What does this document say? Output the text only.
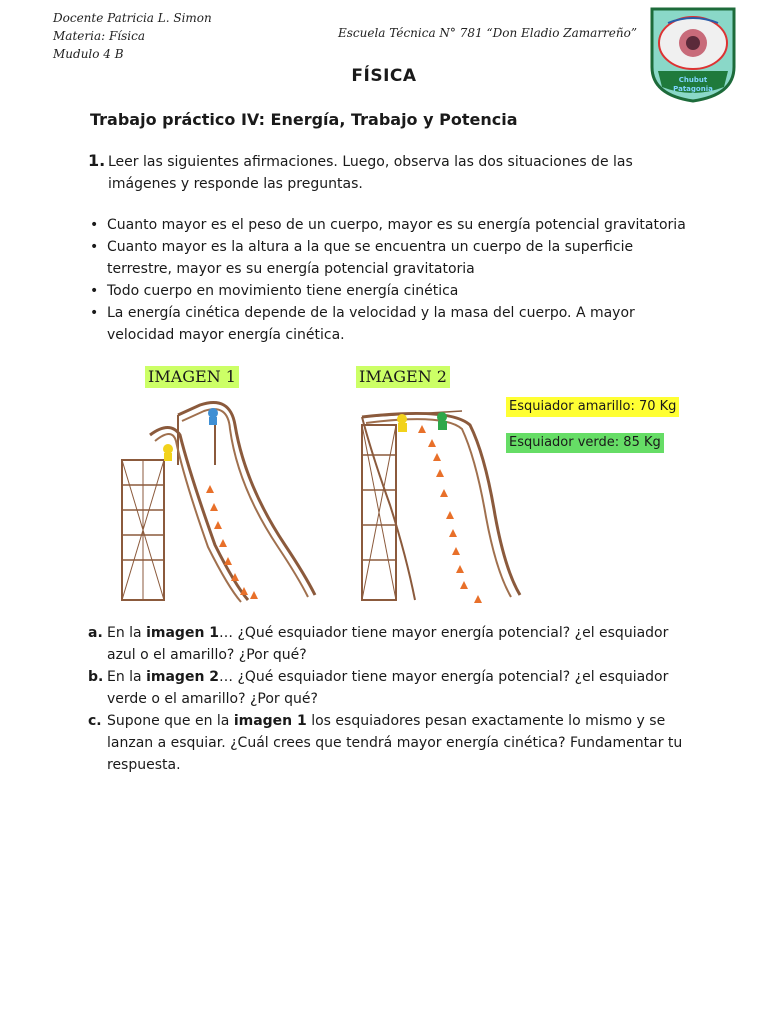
Docente Patricia L. Simon
Materia: Física
Mudulo 4 B
Escuela Técnica N° 781 “Don Eladio Zamarreño”
Chubut
Patagonia
FÍSICA
Trabajo práctico IV: Energía, Trabajo y Potencia
1. Leer las siguientes afirmaciones. Luego, observa las dos situaciones de las
imágenes y responde las preguntas.
• Cuanto mayor es el peso de un cuerpo, mayor es su energía potencial gravitatoria
• Cuanto mayor es la altura a la que se encuentra un cuerpo de la superficie terrestre, mayor es su energía potencial gravitatoria
• Todo cuerpo en movimiento tiene energía cinética
• La energía cinética depende de la velocidad y la masa del cuerpo. A mayor velocidad mayor energía cinética.
IMAGEN 1	IMAGEN 2
Esquiador amarillo: 70 Kg
Esquiador verde: 85 Kg
a. En la imagen 1… ¿Qué esquiador tiene mayor energía potencial? ¿el esquiador azul o el amarillo? ¿Por qué?
b. En la imagen 2… ¿Qué esquiador tiene mayor energía potencial? ¿el esquiador verde o el amarillo? ¿Por qué?
c. Supone que en la imagen 1 los esquiadores pesan exactamente lo mismo y se lanzan a esquiar. ¿Cuál crees que tendrá mayor energía cinética? Fundamentar tu respuesta.
